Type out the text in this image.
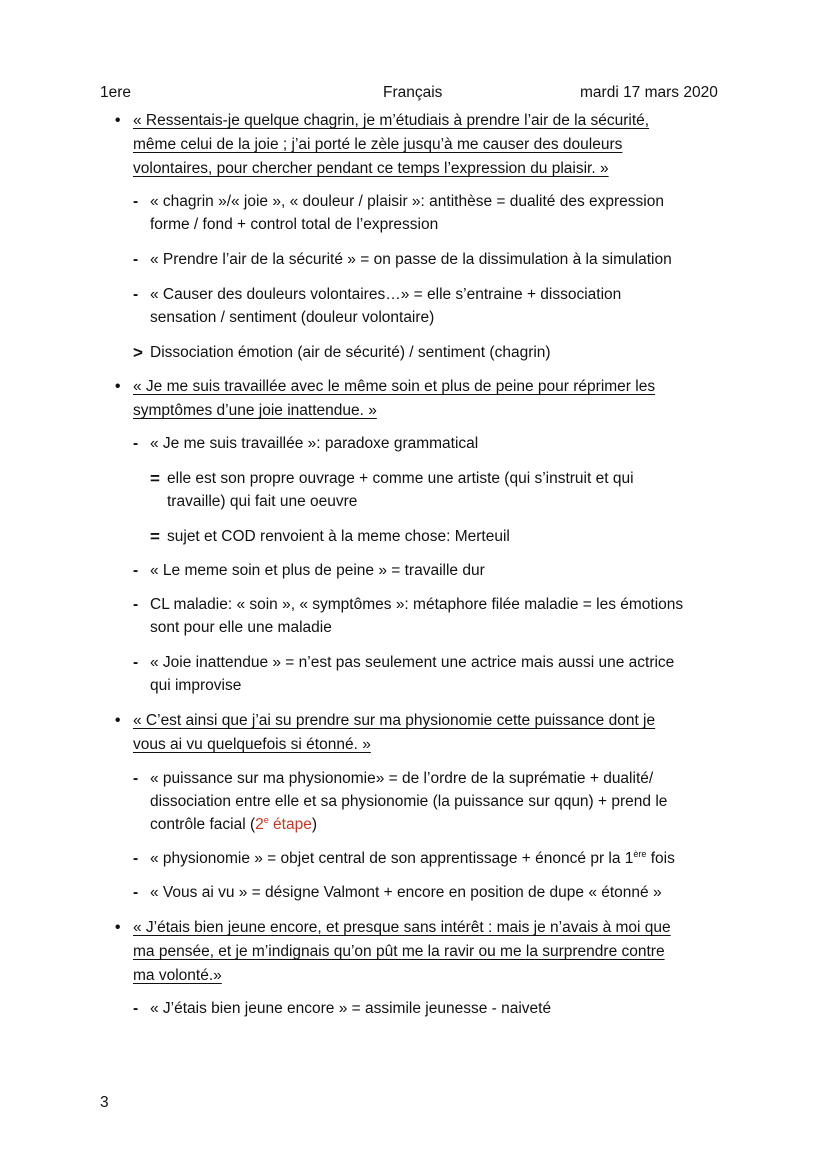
1ere	Français	mardi 17 mars 2020
• « Ressentais-je quelque chagrin, je m’étudiais à prendre l’air de la sécurité,
même celui de la joie ; j’ai porté le zèle jusqu’à me causer des douleurs
volontaires, pour chercher pendant ce temps l’expression du plaisir. »
- « chagrin »/« joie », « douleur / plaisir »: antithèse = dualité des expression
forme / fond + control total de l’expression
- « Prendre l’air de la sécurité » = on passe de la dissimulation à la simulation
- « Causer des douleurs volontaires…» = elle s’entraine + dissociation
sensation / sentiment (douleur volontaire)
> Dissociation émotion (air de sécurité) / sentiment (chagrin)
• « Je me suis travaillée avec le même soin et plus de peine pour réprimer les
symptômes d’une joie inattendue. »
- « Je me suis travaillée »: paradoxe grammatical
= elle est son propre ouvrage + comme une artiste (qui s’instruit et qui
travaille) qui fait une oeuvre
= sujet et COD renvoient à la meme chose: Merteuil
- « Le meme soin et plus de peine » = travaille dur
- CL maladie: « soin », « symptômes »: métaphore filée maladie = les émotions
sont pour elle une maladie
- « Joie inattendue » = n’est pas seulement une actrice mais aussi une actrice
qui improvise
• « C’est ainsi que j’ai su prendre sur ma physionomie cette puissance dont je
vous ai vu quelquefois si étonné. »
- « puissance sur ma physionomie» = de l’ordre de la suprématie + dualité/
dissociation entre elle et sa physionomie (la puissance sur qqun) + prend le
contrôle facial (2e étape)
- « physionomie » = objet central de son apprentissage + énoncé pr la 1ère fois
- « Vous ai vu » = désigne Valmont + encore en position de dupe « étonné »
• « J’étais bien jeune encore, et presque sans intérêt : mais je n’avais à moi que
ma pensée, et je m’indignais qu’on pût me la ravir ou me la surprendre contre
ma volonté.»
- « J’étais bien jeune encore » = assimile jeunesse - naiveté
3
